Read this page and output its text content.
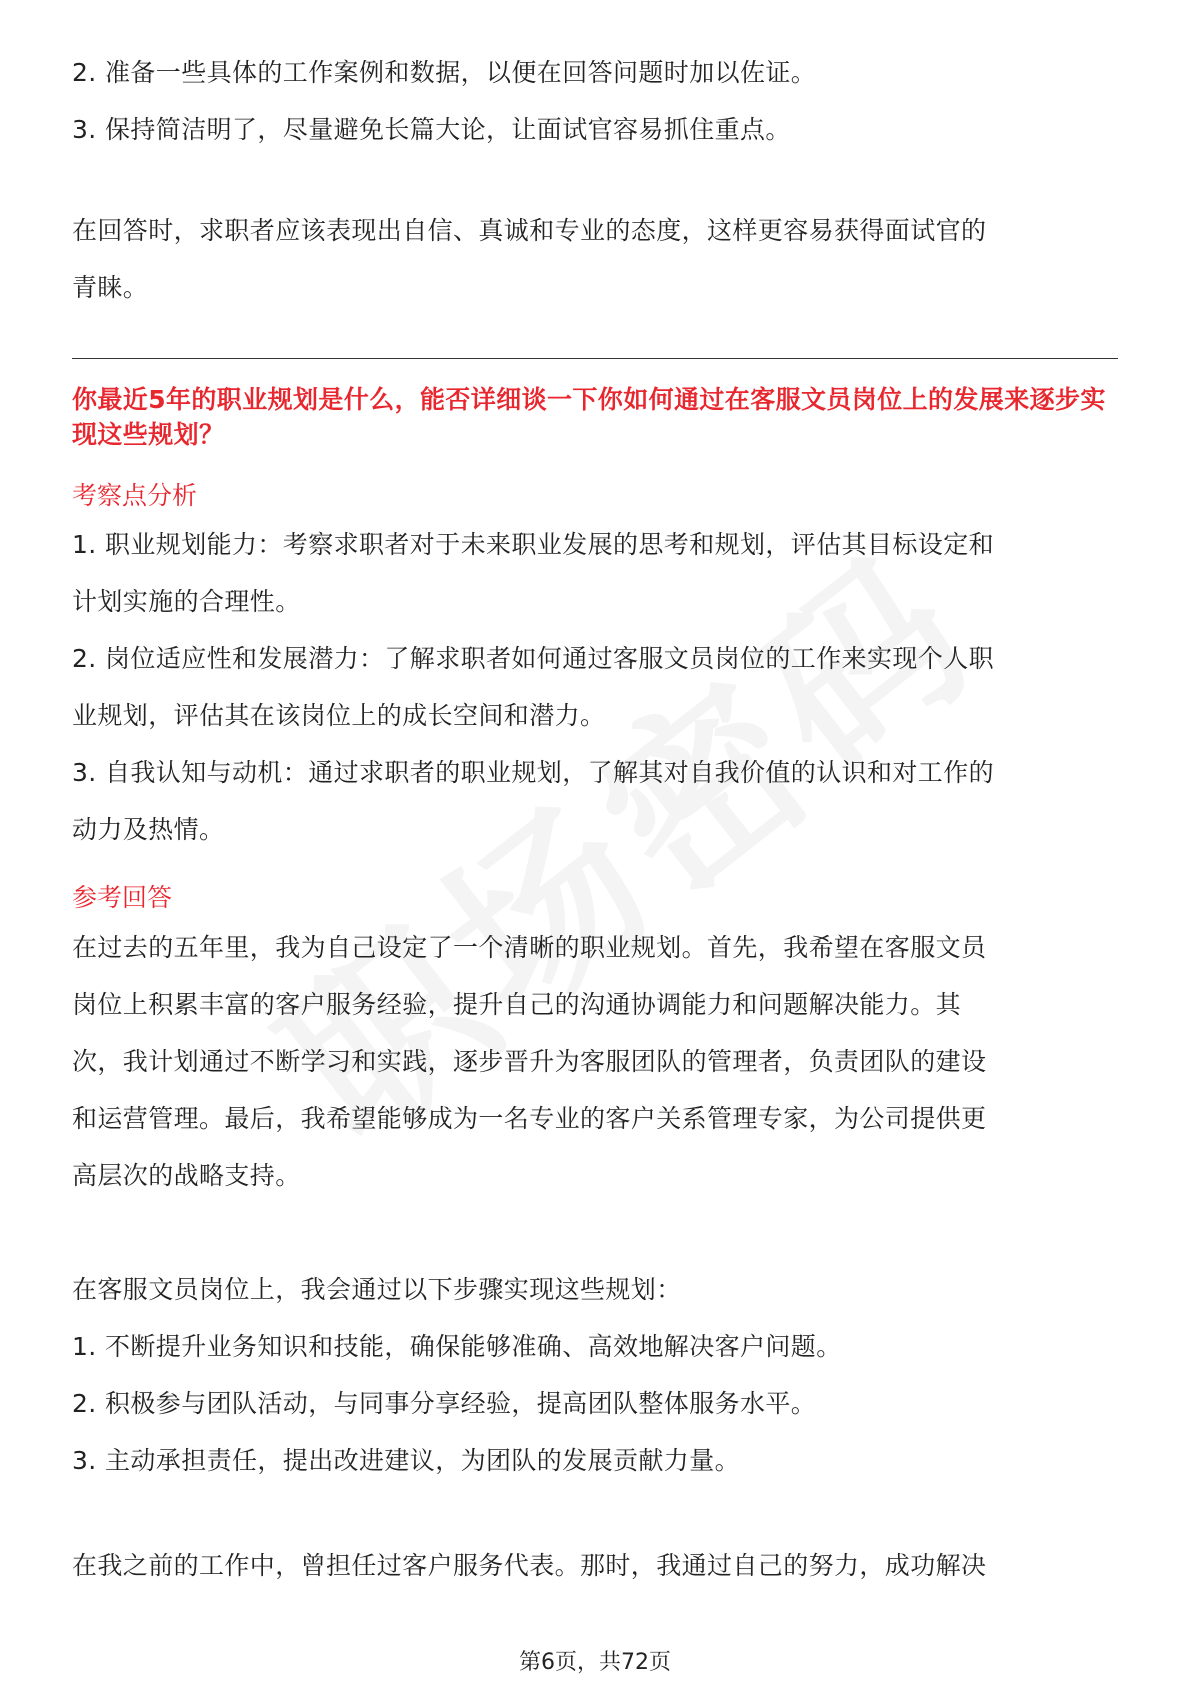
2. 准备一些具体的工作案例和数据，以便在回答问题时加以佐证。

3. 保持简洁明了，尽量避免长篇大论，让面试官容易抓住重点。

在回答时，求职者应该表现出自信、真诚和专业的态度，这样更容易获得面试官的

青睐。

你最近5年的职业规划是什么，能否详细谈一下你如何通过在客服文员岗位上的发展来逐步实现这些规划？

考察点分析

1. 职业规划能力：考察求职者对于未来职业发展的思考和规划，评估其目标设定和

计划实施的合理性。

2. 岗位适应性和发展潜力：了解求职者如何通过客服文员岗位的工作来实现个人职

业规划，评估其在该岗位上的成长空间和潜力。

3. 自我认知与动机：通过求职者的职业规划，了解其对自我价值的认识和对工作的

动力及热情。

参考回答

在过去的五年里，我为自己设定了一个清晰的职业规划。首先，我希望在客服文员

岗位上积累丰富的客户服务经验，提升自己的沟通协调能力和问题解决能力。其

次，我计划通过不断学习和实践，逐步晋升为客服团队的管理者，负责团队的建设

和运营管理。最后，我希望能够成为一名专业的客户关系管理专家，为公司提供更

高层次的战略支持。

在客服文员岗位上，我会通过以下步骤实现这些规划：

1. 不断提升业务知识和技能，确保能够准确、高效地解决客户问题。

2. 积极参与团队活动，与同事分享经验，提高团队整体服务水平。

3. 主动承担责任，提出改进建议，为团队的发展贡献力量。

在我之前的工作中，曾担任过客户服务代表。那时，我通过自己的努力，成功解决

第6页，共72页
